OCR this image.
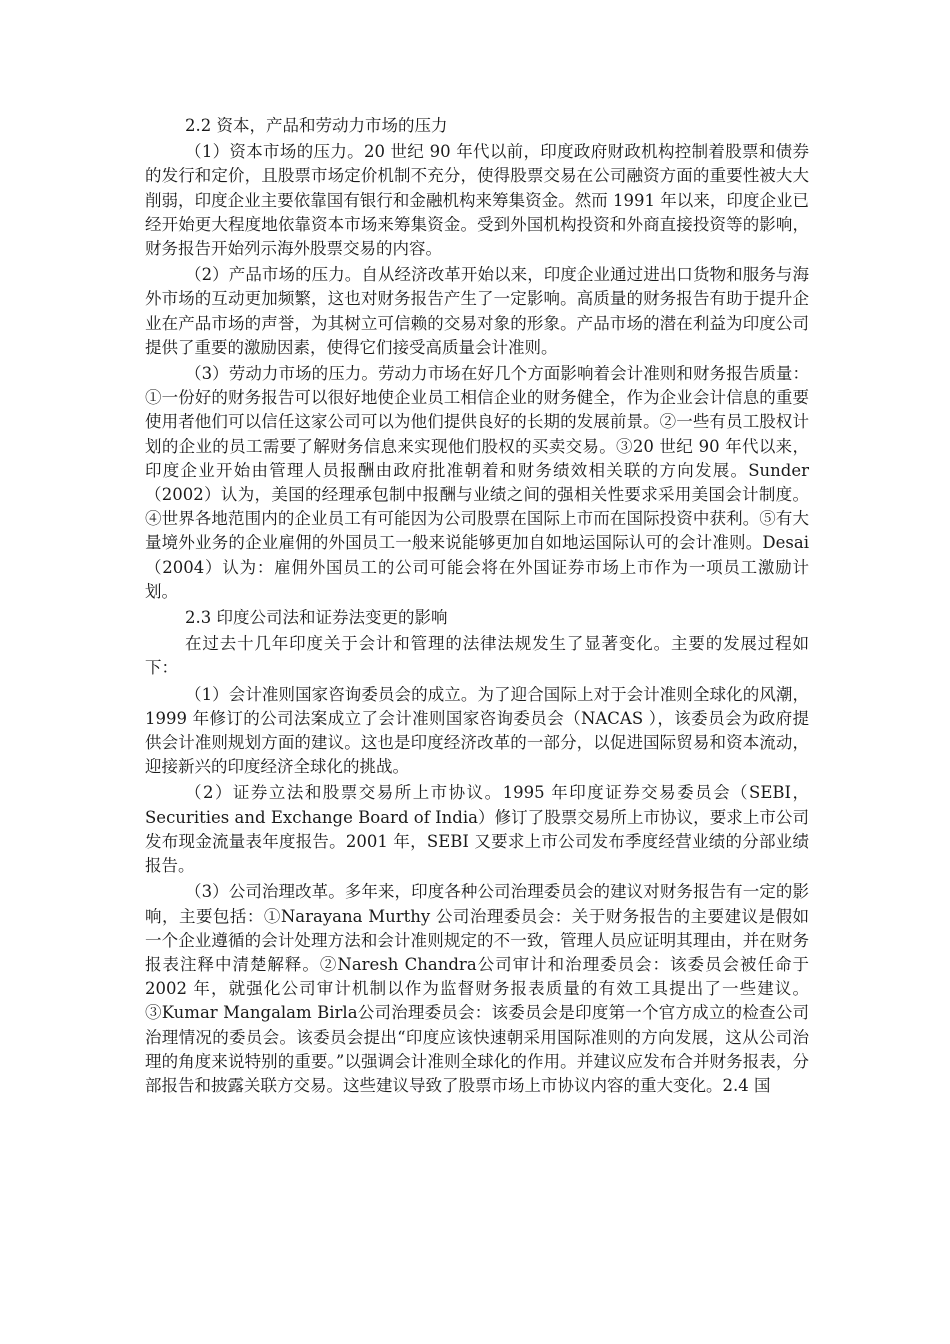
2.2 资本，产品和劳动力市场的压力

（1）资本市场的压力。20 世纪 90 年代以前，印度政府财政机构控制着股票和债券的发行和定价，且股票市场定价机制不充分，使得股票交易在公司融资方面的重要性被大大削弱，印度企业主要依靠国有银行和金融机构来筹集资金。然而 1991 年以来，印度企业已经开始更大程度地依靠资本市场来筹集资金。受到外国机构投资和外商直接投资等的影响，财务报告开始列示海外股票交易的内容。

（2）产品市场的压力。自从经济改革开始以来，印度企业通过进出口货物和服务与海外市场的互动更加频繁，这也对财务报告产生了一定影响。高质量的财务报告有助于提升企业在产品市场的声誉，为其树立可信赖的交易对象的形象。产品市场的潜在利益为印度公司提供了重要的激励因素，使得它们接受高质量会计准则。

（3）劳动力市场的压力。劳动力市场在好几个方面影响着会计准则和财务报告质量：①一份好的财务报告可以很好地使企业员工相信企业的财务健全，作为企业会计信息的重要使用者他们可以信任这家公司可以为他们提供良好的长期的发展前景。②一些有员工股权计划的企业的员工需要了解财务信息来实现他们股权的买卖交易。③20 世纪 90 年代以来，印度企业开始由管理人员报酬由政府批准朝着和财务绩效相关联的方向发展。Sunder（2002）认为，美国的经理承包制中报酬与业绩之间的强相关性要求采用美国会计制度。④世界各地范围内的企业员工有可能因为公司股票在国际上市而在国际投资中获利。⑤有大量境外业务的企业雇佣的外国员工一般来说能够更加自如地运国际认可的会计准则。Desai（2004）认为：雇佣外国员工的公司可能会将在外国证券市场上市作为一项员工激励计划。

2.3 印度公司法和证券法变更的影响

在过去十几年印度关于会计和管理的法律法规发生了显著变化。主要的发展过程如下：

（1）会计准则国家咨询委员会的成立。为了迎合国际上对于会计准则全球化的风潮，1999 年修订的公司法案成立了会计准则国家咨询委员会（NACAS ），该委员会为政府提供会计准则规划方面的建议。这也是印度经济改革的一部分，以促进国际贸易和资本流动，迎接新兴的印度经济全球化的挑战。

（2）证券立法和股票交易所上市协议。1995 年印度证券交易委员会（SEBI，Securities and Exchange Board of India）修订了股票交易所上市协议，要求上市公司发布现金流量表年度报告。2001 年，SEBI 又要求上市公司发布季度经营业绩的分部业绩报告。

（3）公司治理改革。多年来，印度各种公司治理委员会的建议对财务报告有一定的影响，主要包括：①Narayana Murthy 公司治理委员会：关于财务报告的主要建议是假如一个企业遵循的会计处理方法和会计准则规定的不一致，管理人员应证明其理由，并在财务报表注释中清楚解释。②Naresh Chandra公司审计和治理委员会：该委员会被任命于 2002 年，就强化公司审计机制以作为监督财务报表质量的有效工具提出了一些建议。③Kumar Mangalam Birla公司治理委员会：该委员会是印度第一个官方成立的检查公司治理情况的委员会。该委员会提出“印度应该快速朝采用国际准则的方向发展，这从公司治理的角度来说特别的重要。”以强调会计准则全球化的作用。并建议应发布合并财务报表，分部报告和披露关联方交易。这些建议导致了股票市场上市协议内容的重大变化。2.4 国
